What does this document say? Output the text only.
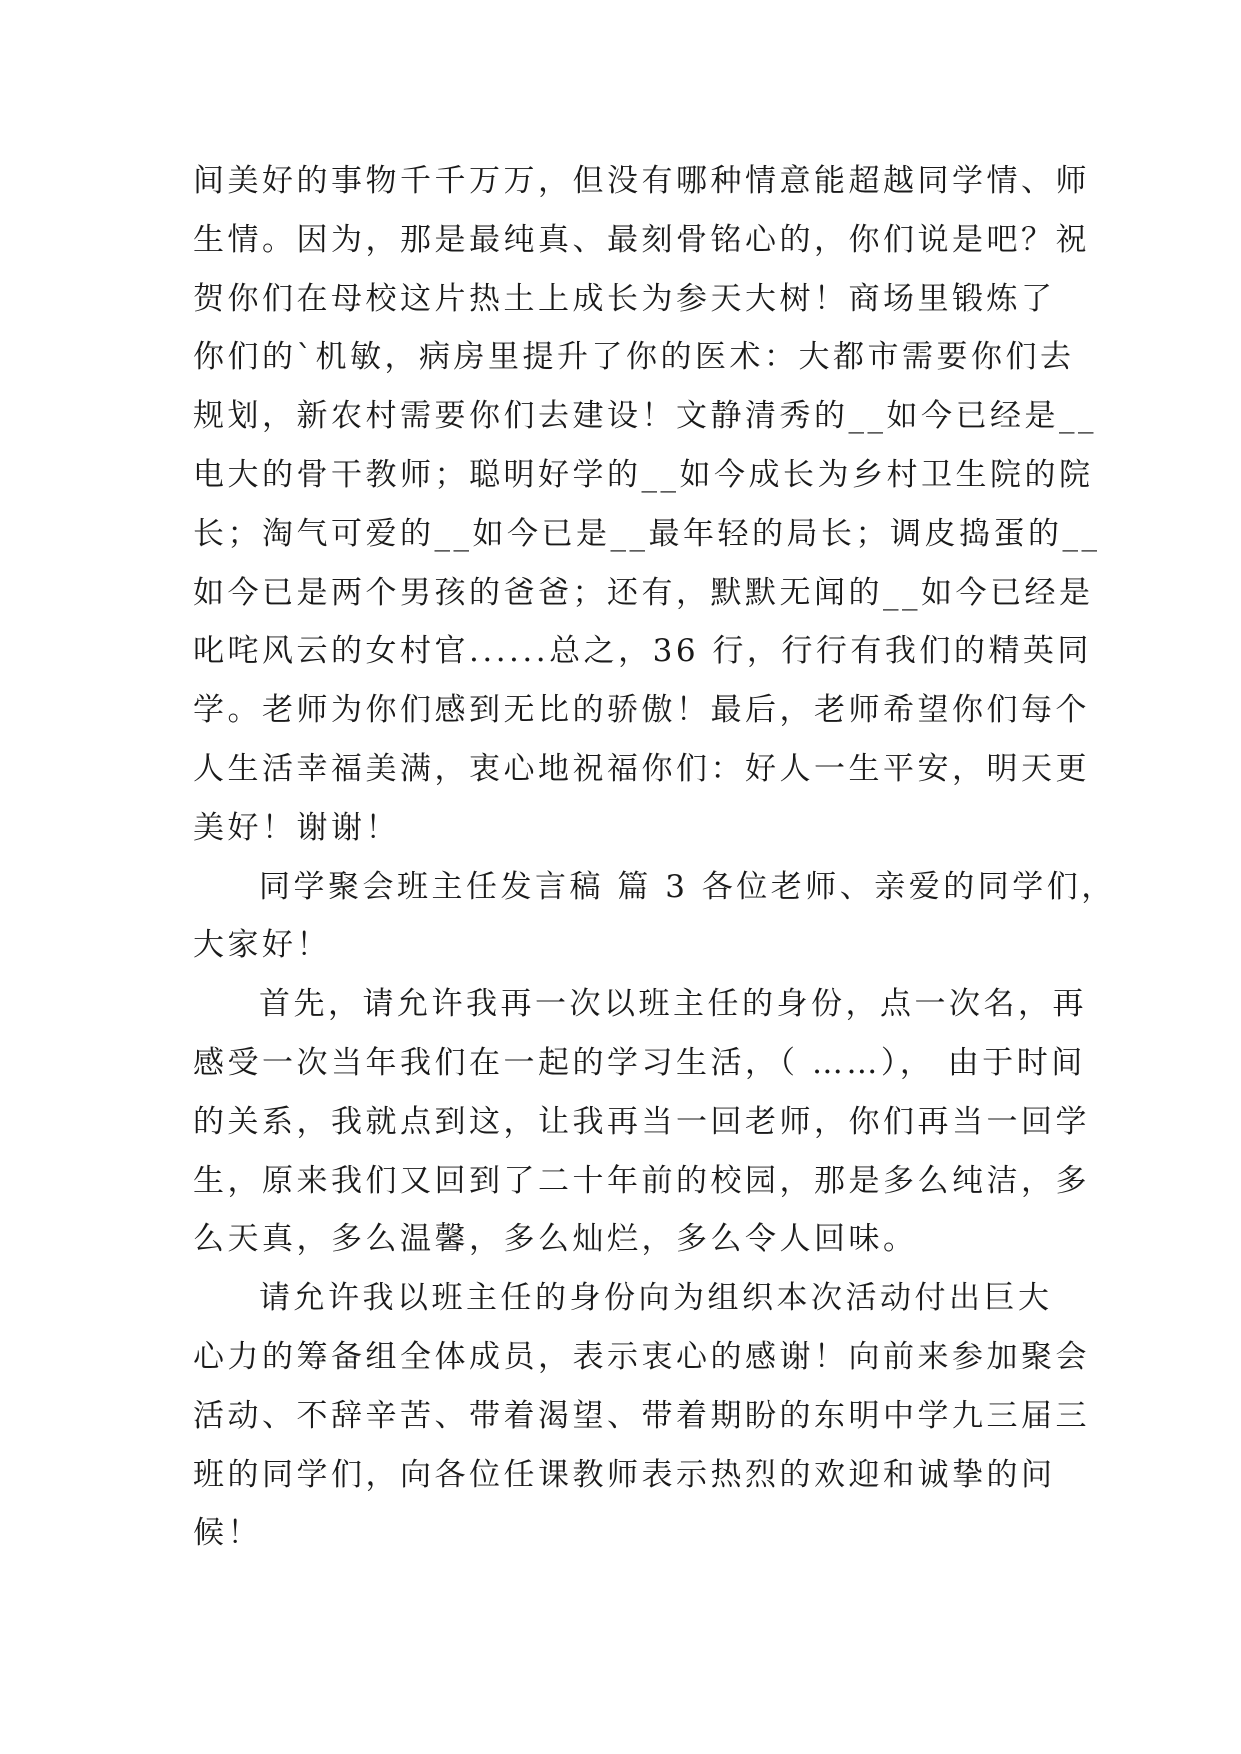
间美好的事物千千万万，但没有哪种情意能超越同学情、师
生情。因为，那是最纯真、最刻骨铭心的，你们说是吧？祝
贺你们在母校这片热土上成长为参天大树！商场里锻炼了
你们的`机敏，病房里提升了你的医术：大都市需要你们去
规划，新农村需要你们去建设！文静清秀的__如今已经是__
电大的骨干教师；聪明好学的__如今成长为乡村卫生院的院
长；淘气可爱的__如今已是__最年轻的局长；调皮捣蛋的__
如今已是两个男孩的爸爸；还有，默默无闻的__如今已经是
叱咤风云的女村官......总之，36 行，行行有我们的精英同
学。老师为你们感到无比的骄傲！最后，老师希望你们每个
人生活幸福美满，衷心地祝福你们：好人一生平安，明天更
美好！谢谢！
同学聚会班主任发言稿 篇 3 各位老师、亲爱的同学们，
大家好！
首先，请允许我再一次以班主任的身份，点一次名，再
感受一次当年我们在一起的学习生活，（ ……）， 由于时间
的关系，我就点到这，让我再当一回老师，你们再当一回学
生，原来我们又回到了二十年前的校园，那是多么纯洁，多
么天真，多么温馨，多么灿烂，多么令人回味。
请允许我以班主任的身份向为组织本次活动付出巨大
心力的筹备组全体成员，表示衷心的感谢！向前来参加聚会
活动、不辞辛苦、带着渴望、带着期盼的东明中学九三届三
班的同学们，向各位任课教师表示热烈的欢迎和诚挚的问
候！
